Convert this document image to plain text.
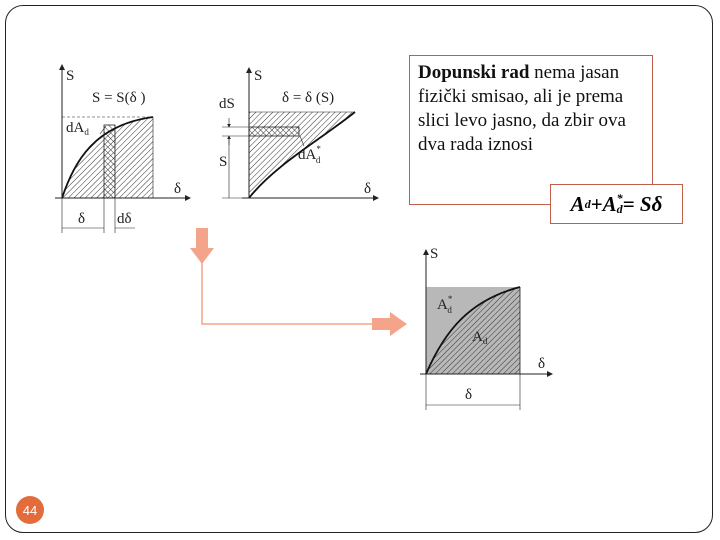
S
δ
S = S(δ )
$dA_d$
δ dδ
S
δ
δ = δ (S)
dS
S	dA* d
S
δ
A* d
$A_d$
δ
Dopunski rad nema jasan fizički smisao, ali je prema slici levo jasno, da zbir ova dva rada iznosi
A d + A *
d = Sδ
44
